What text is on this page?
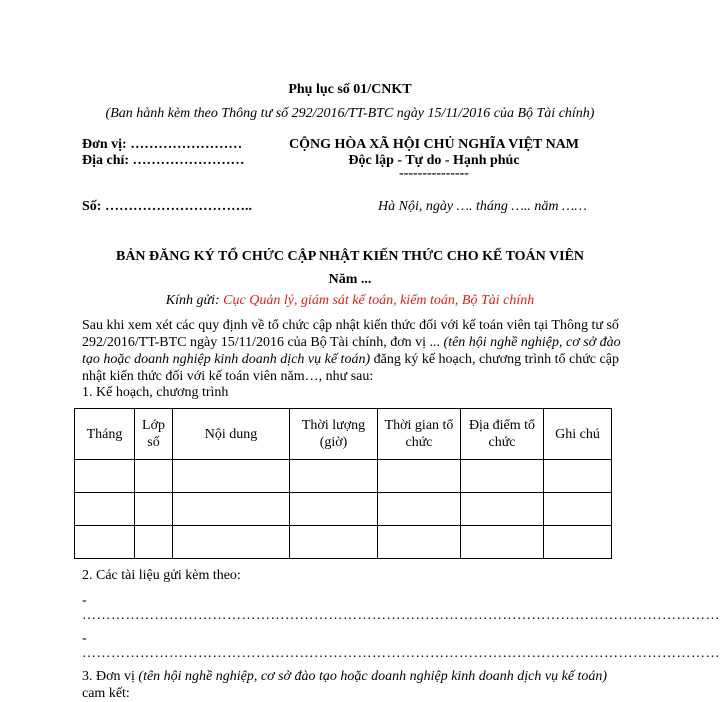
Phụ lục số 01/CNKT
(Ban hành kèm theo Thông tư số 292/2016/TT-BTC ngày 15/11/2016 của Bộ Tài chính)
Đơn vị: ……………………
Địa chỉ: ……………………
Số: …………………………..
CỘNG HÒA XÃ HỘI CHỦ NGHĨA VIỆT NAM
Độc lập - Tự do - Hạnh phúc
---------------
Hà Nội, ngày …. tháng ….. năm ……
BẢN ĐĂNG KÝ TỔ CHỨC CẬP NHẬT KIẾN THỨC CHO KẾ TOÁN VIÊN
Năm ...
Kính gửi: Cục Quản lý, giám sát kế toán, kiểm toán, Bộ Tài chính
Sau khi xem xét các quy định về tổ chức cập nhật kiến thức đối với kế toán viên tại Thông tư số 292/2016/TT-BTC ngày 15/11/2016 của Bộ Tài chính, đơn vị ... (tên hội nghề nghiệp, cơ sở đào tạo hoặc doanh nghiệp kinh doanh dịch vụ kế toán) đăng ký kế hoạch, chương trình tổ chức cập nhật kiến thức đối với kế toán viên năm…, như sau:
1. Kế hoạch, chương trình
Tháng	Lớp số	Nội dung	Thời lượng (giờ)	Thời gian tổ chức	Địa điểm tổ chức	Ghi chú

2. Các tài liệu gửi kèm theo:
-
……………………………………………………………………………………………………………………
-
……………………………………………………………………………………………………………………
3. Đơn vị (tên hội nghề nghiệp, cơ sở đào tạo hoặc doanh nghiệp kinh doanh dịch vụ kế toán) cam kết:
